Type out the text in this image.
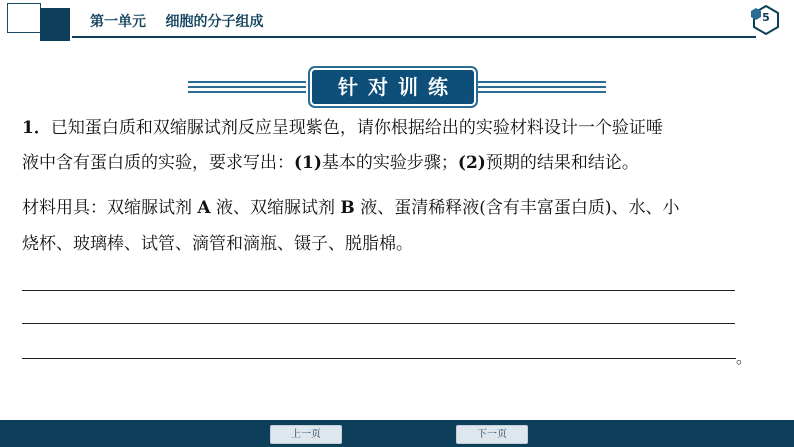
第一单元 细胞的分子组成	5
针对训练
1．已知蛋白质和双缩脲试剂反应呈现紫色，请你根据给出的实验材料设计一个验证唾
液中含有蛋白质的实验，要求写出：(1)基本的实验步骤；(2)预期的结果和结论。
材料用具：双缩脲试剂 A 液、双缩脲试剂 B 液、蛋清稀释液(含有丰富蛋白质)、水、小
烧杯、玻璃棒、试管、滴管和滴瓶、镊子、脱脂棉。
。
上一页	下一页
